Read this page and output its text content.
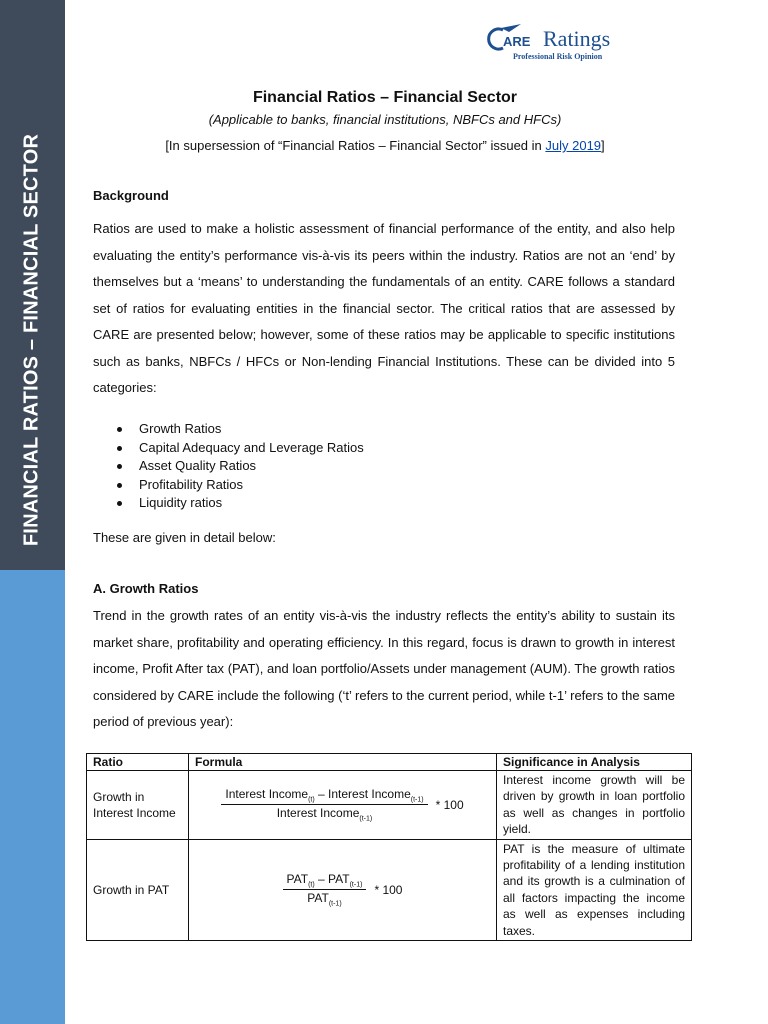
FINANCIAL RATIOS – FINANCIAL SECTOR
ARE Ratings
Professional Risk Opinion
Financial Ratios – Financial Sector
(Applicable to banks, financial institutions, NBFCs and HFCs)
[In supersession of “Financial Ratios – Financial Sector” issued in July 2019]
Background

Ratios are used to make a holistic assessment of financial performance of the entity, and also help evaluating the entity’s performance vis-à-vis its peers within the industry. Ratios are not an ‘end’ by themselves but a ‘means’ to understanding the fundamentals of an entity. CARE follows a standard set of ratios for evaluating entities in the financial sector. The critical ratios that are assessed by CARE are presented below; however, some of these ratios may be applicable to specific institutions such as banks, NBFCs / HFCs or Non-lending Financial Institutions. These can be divided into 5 categories:

Growth Ratios
Capital Adequacy and Leverage Ratios
Asset Quality Ratios
Profitability Ratios
Liquidity ratios
These are given in detail below:
A. Growth Ratios

Trend in the growth rates of an entity vis-à-vis the industry reflects the entity’s ability to sustain its market share, profitability and operating efficiency. In this regard, focus is drawn to growth in interest income, Profit After tax (PAT), and loan portfolio/Assets under management (AUM). The growth ratios considered by CARE include the following (‘t’ refers to the current period, while t-1’ refers to the same period of previous year):

Ratio	Formula	Significance in Analysis
Growth in Interest Income	$\frac{Interest Income_{(t)} - Interest Income_{(t-1)}}{Interest Income_{(t-1)}} * 100$	Interest income growth will be driven by growth in loan portfolio as well as changes in portfolio yield.
Growth in PAT	$\frac{PAT_{(t)} - PAT_{(t-1)}}{PAT_{(t-1)}} * 100$	PAT is the measure of ultimate profitability of a lending institution and its growth is a culmination of all factors impacting the income as well as expenses including taxes.
